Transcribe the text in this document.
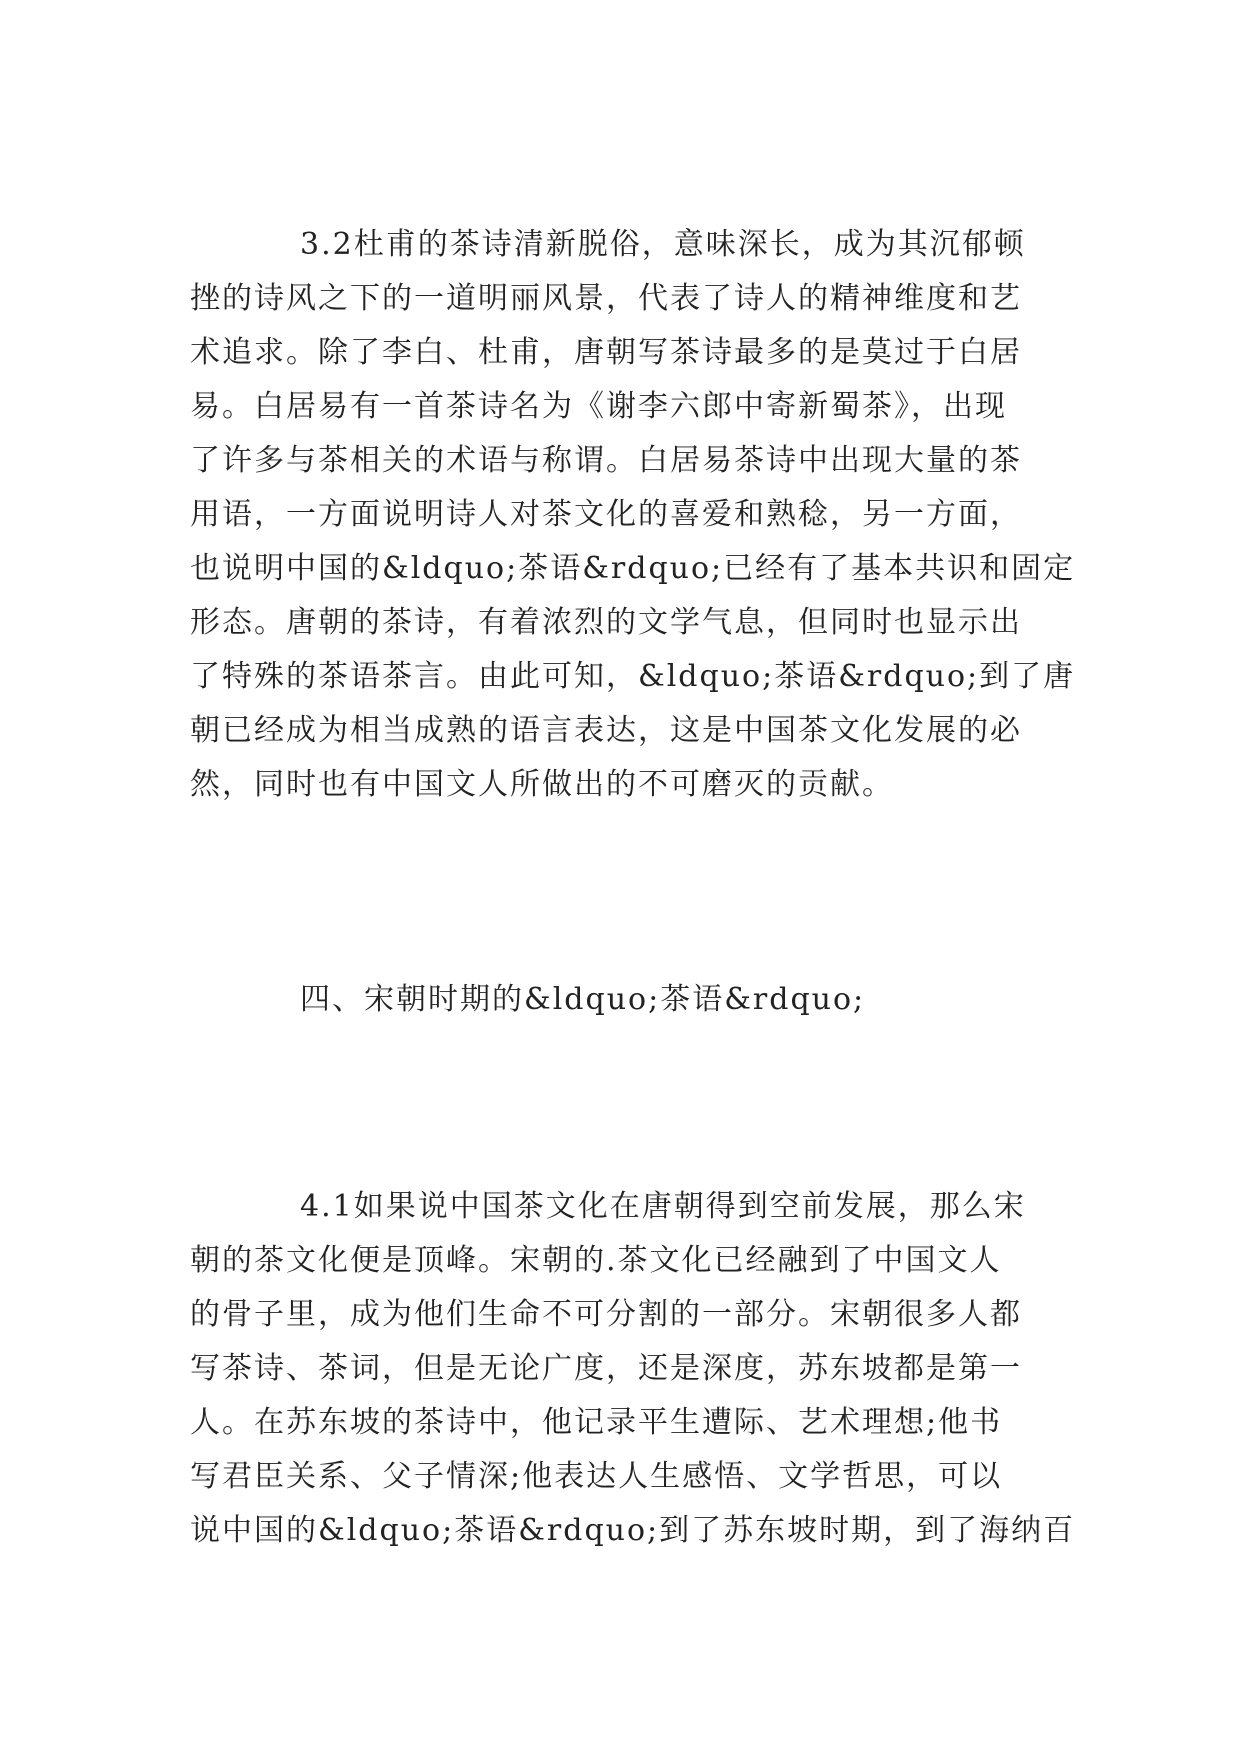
3.2杜甫的茶诗清新脱俗，意味深长，成为其沉郁顿
挫的诗风之下的一道明丽风景，代表了诗人的精神维度和艺
术追求。除了李白、杜甫，唐朝写茶诗最多的是莫过于白居
易。白居易有一首茶诗名为《谢李六郎中寄新蜀茶》，出现
了许多与茶相关的术语与称谓。白居易茶诗中出现大量的茶
用语，一方面说明诗人对茶文化的喜爱和熟稔，另一方面，
也说明中国的&ldquo;茶语&rdquo;已经有了基本共识和固定
形态。唐朝的茶诗，有着浓烈的文学气息，但同时也显示出
了特殊的茶语茶言。由此可知，&ldquo;茶语&rdquo;到了唐
朝已经成为相当成熟的语言表达，这是中国茶文化发展的必
然，同时也有中国文人所做出的不可磨灭的贡献。
四、宋朝时期的&ldquo;茶语&rdquo;
4.1如果说中国茶文化在唐朝得到空前发展，那么宋
朝的茶文化便是顶峰。宋朝的.茶文化已经融到了中国文人
的骨子里，成为他们生命不可分割的一部分。宋朝很多人都
写茶诗、茶词，但是无论广度，还是深度，苏东坡都是第一
人。在苏东坡的茶诗中，他记录平生遭际、艺术理想;他书
写君臣关系、父子情深;他表达人生感悟、文学哲思，可以
说中国的&ldquo;茶语&rdquo;到了苏东坡时期，到了海纳百
